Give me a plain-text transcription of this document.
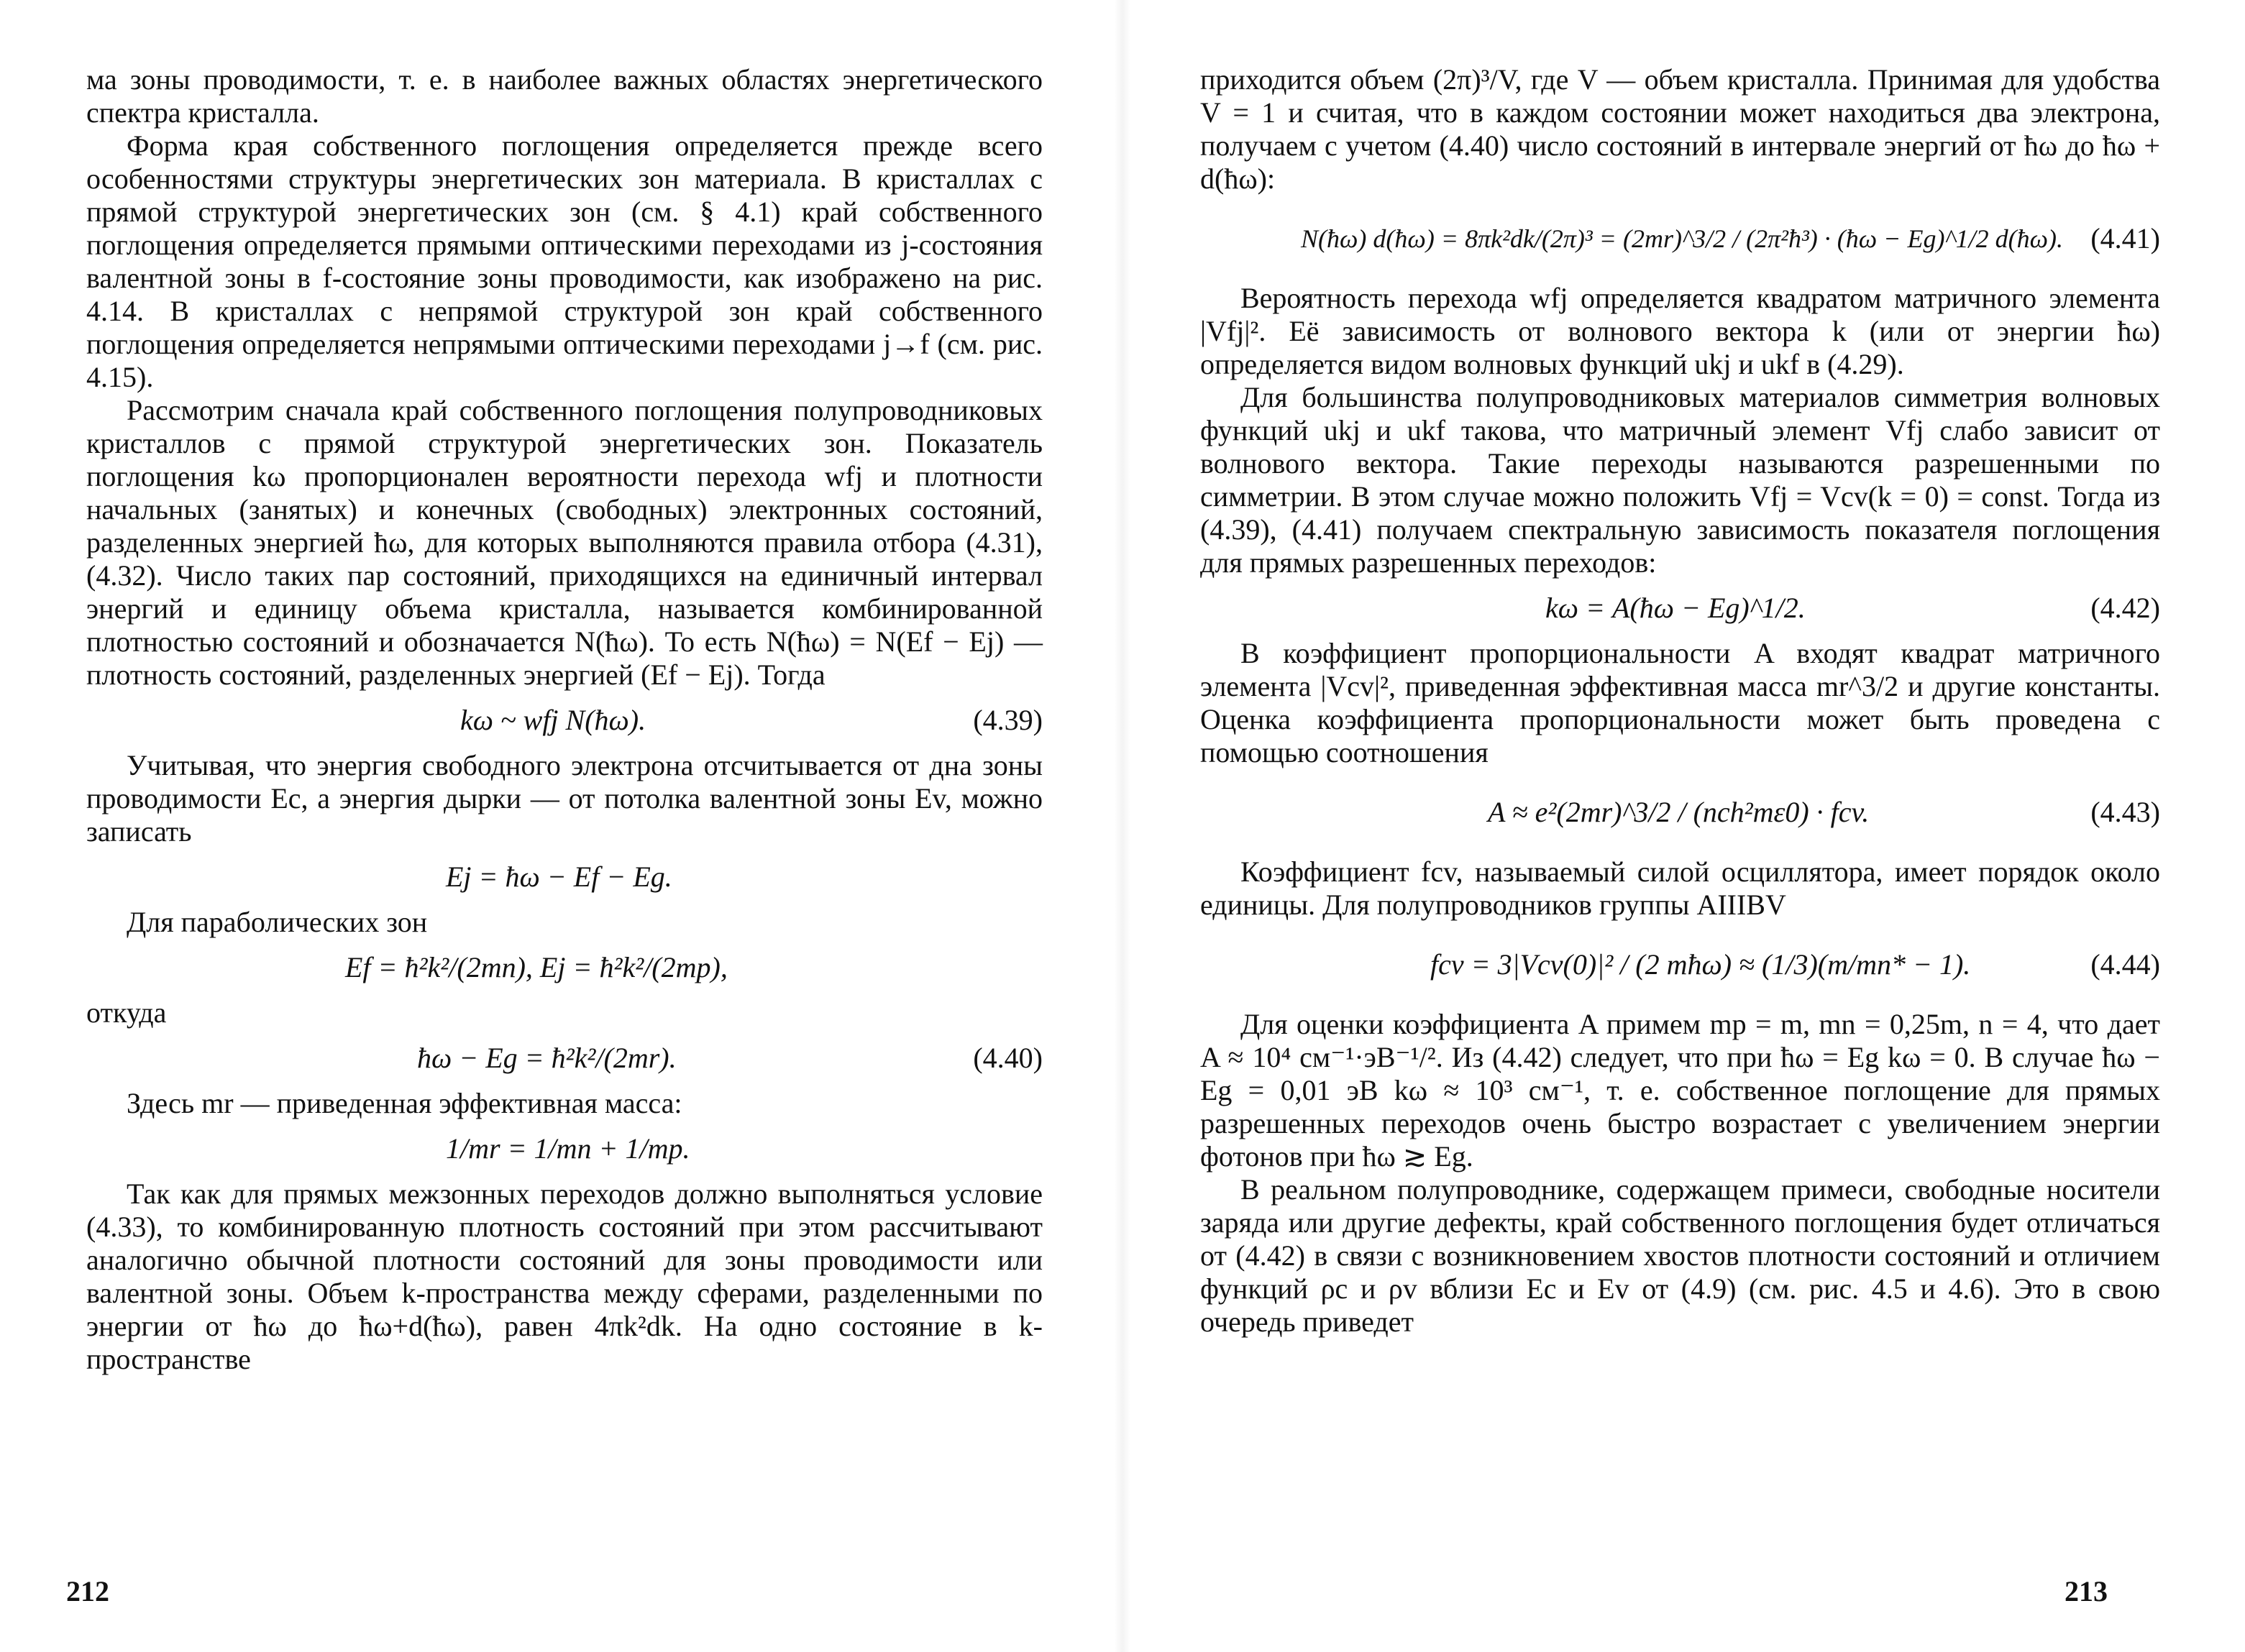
ма зоны проводимости, т. е. в наиболее важных областях энергетического спектра кристалла.

Форма края собственного поглощения определяется прежде всего особенностями структуры энергетических зон материала. В кристаллах с прямой структурой энергетических зон (см. § 4.1) край собственного поглощения определяется прямыми оптическими переходами из j-состояния валентной зоны в f-состояние зоны проводимости, как изображено на рис. 4.14. В кристаллах с непрямой структурой зон край собственного поглощения определяется непрямыми оптическими переходами j→f (см. рис. 4.15).

Рассмотрим сначала край собственного поглощения полупроводниковых кристаллов с прямой структурой энергетических зон. Показатель поглощения kω пропорционален вероятности перехода wfj и плотности начальных (занятых) и конечных (свободных) электронных состояний, разделенных энергией ħω, для которых выполняются правила отбора (4.31), (4.32). Число таких пар состояний, приходящихся на единичный интервал энергий и единицу объема кристалла, называется комбинированной плотностью состояний и обозначается N(ħω). То есть N(ħω) = N(Ef − Ej) — плотность состояний, разделенных энергией (Ef − Ej). Тогда

kω ~ wfj N(ħω).	(4.39)

Учитывая, что энергия свободного электрона отсчитывается от дна зоны проводимости Ec, а энергия дырки — от потолка валентной зоны Ev, можно записать

Ej = ħω − Ef − Eg.

Для параболических зон

Ef = ħ²k²/(2mn), Ej = ħ²k²/(2mp),

откуда

ħω − Eg = ħ²k²/(2mr).	(4.40)

Здесь mr — приведенная эффективная масса:

1/mr = 1/mn + 1/mp.

Так как для прямых межзонных переходов должно выполняться условие (4.33), то комбинированную плотность состояний при этом рассчитывают аналогично обычной плотности состояний для зоны проводимости или валентной зоны. Объем k-пространства между сферами, разделенными по энергии от ħω до ħω+d(ħω), равен 4πk²dk. На одно состояние в k-пространстве

212

приходится объем (2π)³/V, где V — объем кристалла. Принимая для удобства V = 1 и считая, что в каждом состоянии может находиться два электрона, получаем с учетом (4.40) число состояний в интервале энергий от ħω до ħω + d(ħω):

N(ħω) d(ħω) = 8πk²dk/(2π)³ = (2mr)^3/2 / (2π²ħ³) · (ħω − Eg)^1/2 d(ħω). (4.41)

Вероятность перехода wfj определяется квадратом матричного элемента |Vfj|². Её зависимость от волнового вектора k (или от энергии ħω) определяется видом волновых функций ukj и ukf в (4.29).

Для большинства полупроводниковых материалов симметрия волновых функций ukj и ukf такова, что матричный элемент Vfj слабо зависит от волнового вектора. Такие переходы называются разрешенными по симметрии. В этом случае можно положить Vfj = Vcv(k = 0) = const. Тогда из (4.39), (4.41) получаем спектральную зависимость показателя поглощения для прямых разрешенных переходов:

kω = A(ħω − Eg)^1/2.	(4.42)

В коэффициент пропорциональности A входят квадрат матричного элемента |Vcv|², приведенная эффективная масса mr^3/2 и другие константы. Оценка коэффициента пропорциональности может быть проведена с помощью соотношения

A ≈ e²(2mr)^3/2 / (nch²mε0) · fcv.	(4.43)

Коэффициент fcv, называемый силой осциллятора, имеет порядок около единицы. Для полупроводников группы AIIIBV

fcv = 3|Vcv(0)|² / (2 mħω) ≈ (1/3)(m/mn* − 1).	(4.44)

Для оценки коэффициента A примем mp = m, mn = 0,25m, n = 4, что дает A ≈ 10⁴ см⁻¹·эВ⁻¹/². Из (4.42) следует, что при ħω = Eg kω = 0. В случае ħω − Eg = 0,01 эВ kω ≈ 10³ см⁻¹, т. е. собственное поглощение для прямых разрешенных переходов очень быстро возрастает с увеличением энергии фотонов при ħω ≳ Eg.

В реальном полупроводнике, содержащем примеси, свободные носители заряда или другие дефекты, край собственного поглощения будет отличаться от (4.42) в связи с возникновением хвостов плотности состояний и отличием функций ρc и ρv вблизи Ec и Ev от (4.9) (см. рис. 4.5 и 4.6). Это в свою очередь приведет

213
